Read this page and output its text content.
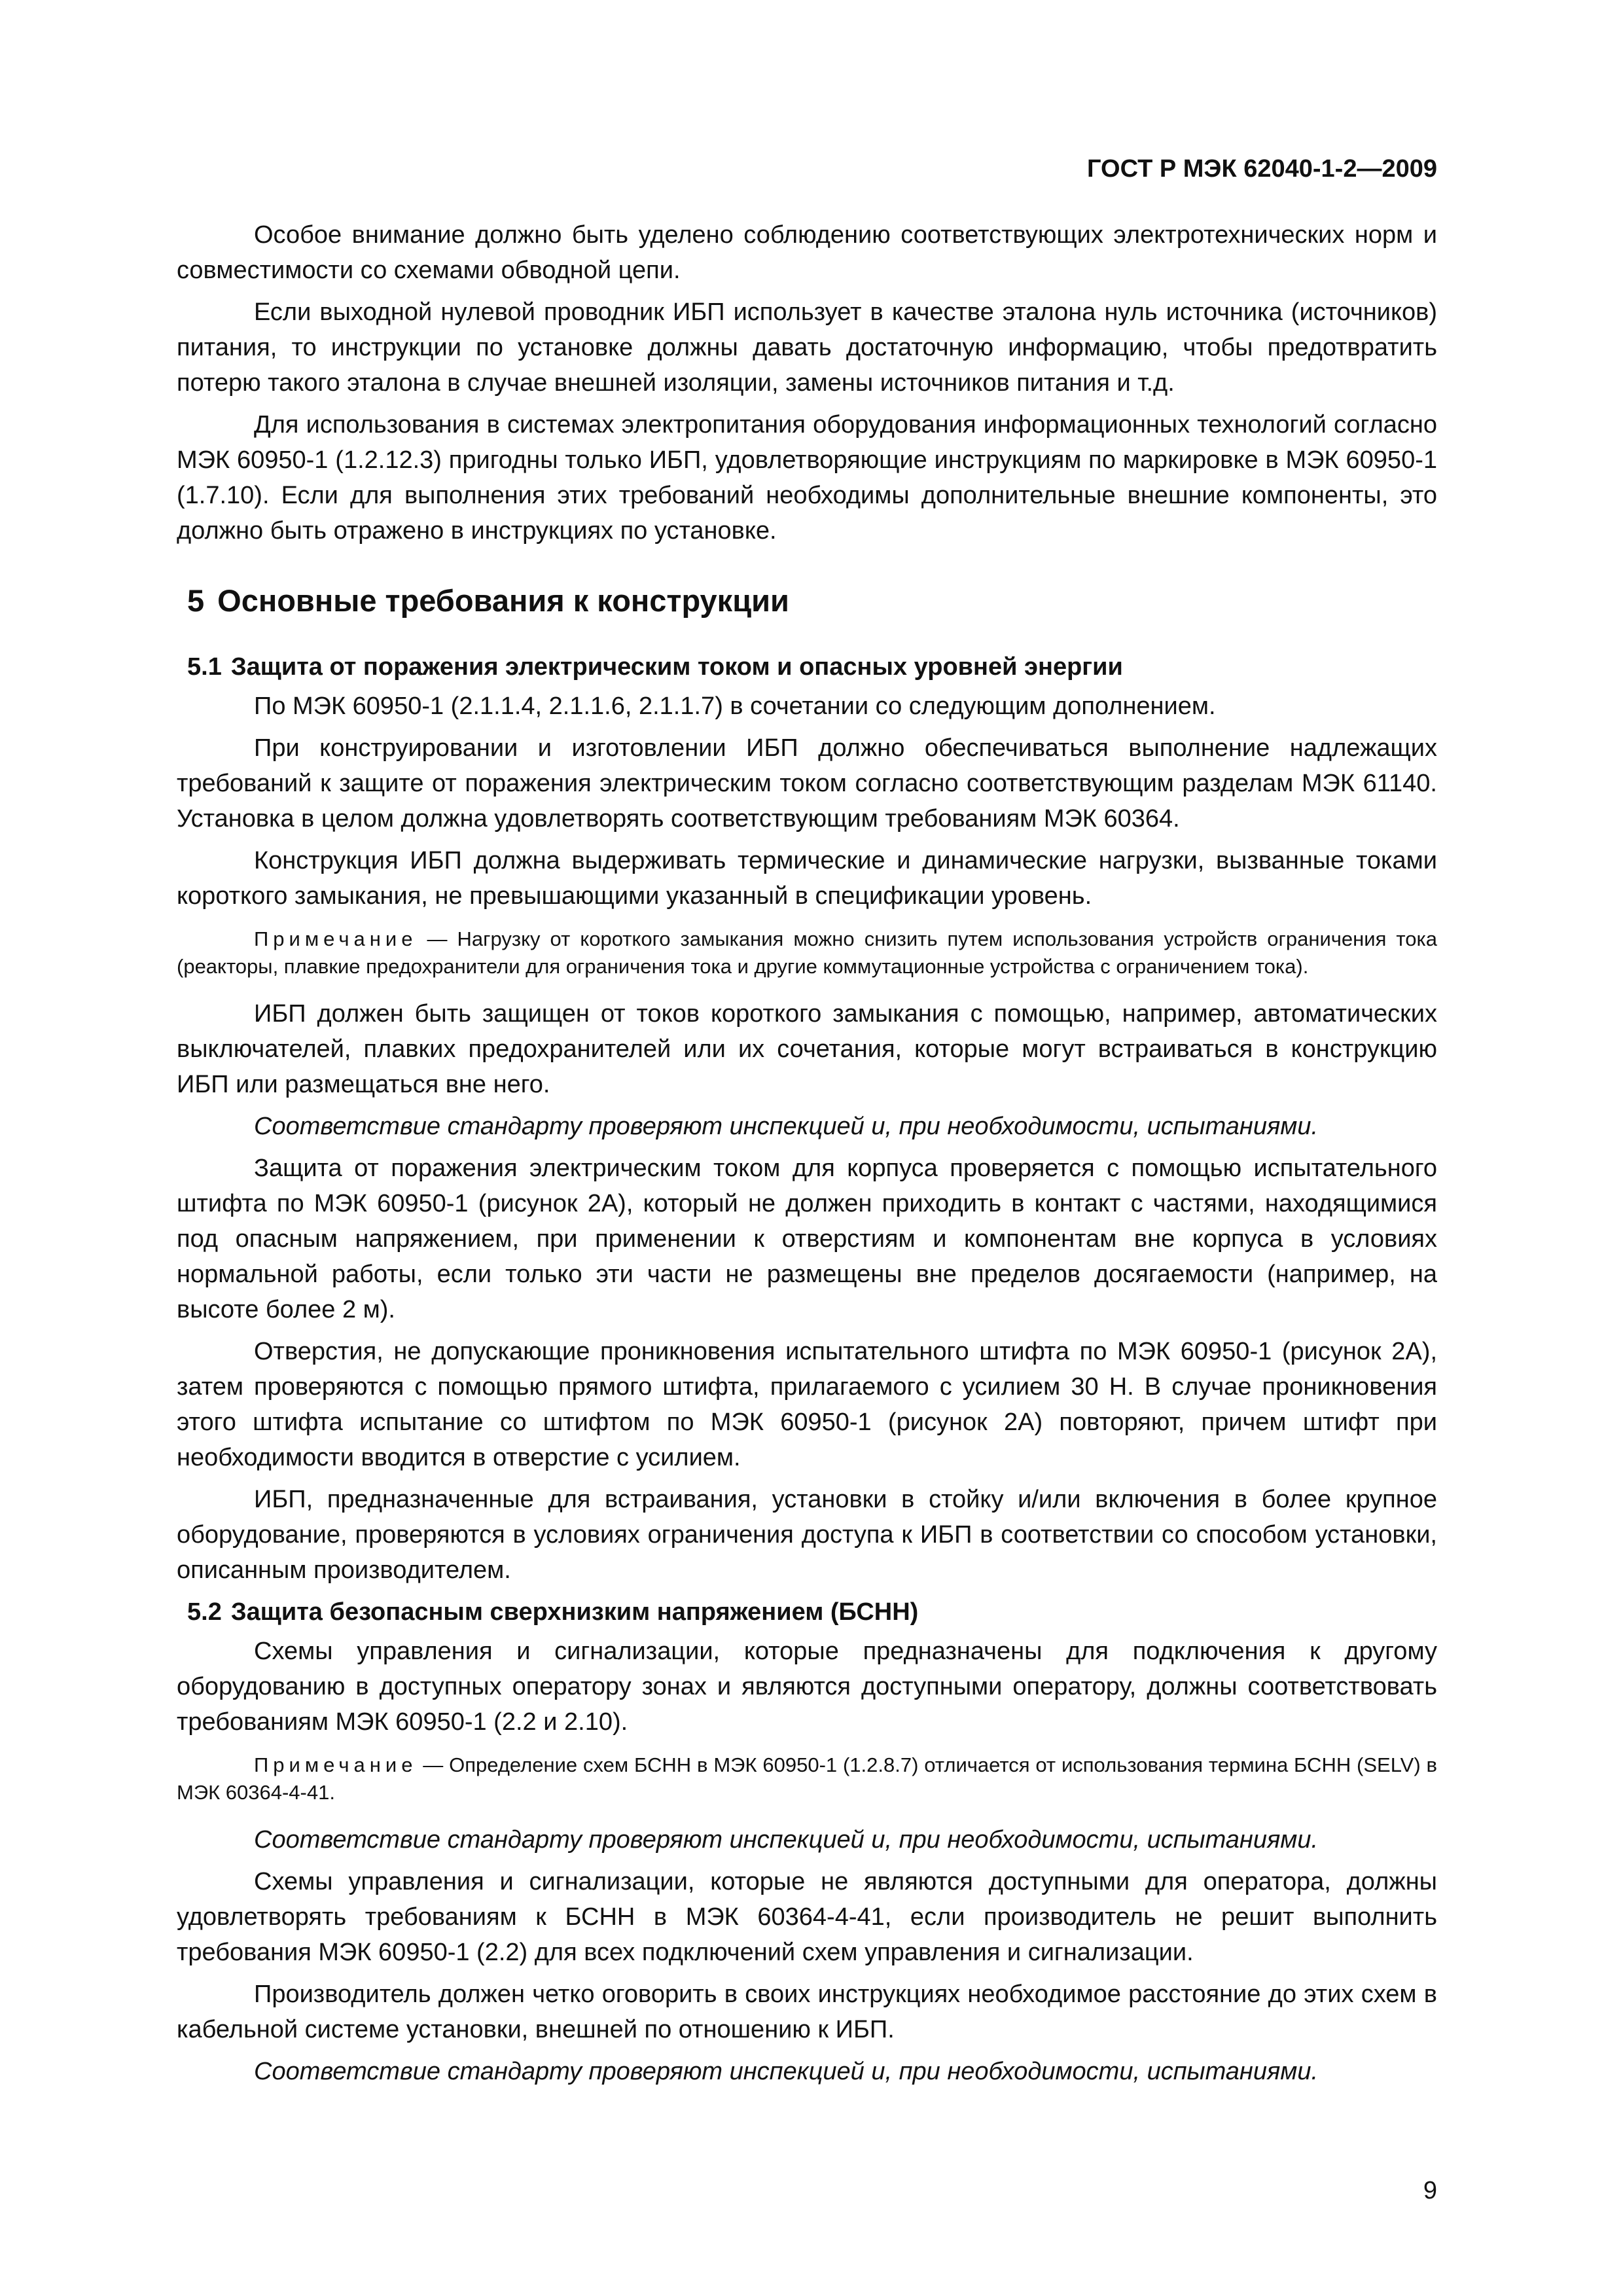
ГОСТ Р МЭК 62040-1-2—2009

Особое внимание должно быть уделено соблюдению соответствующих электротехнических норм и совместимости со схемами обводной цепи.

Если выходной нулевой проводник ИБП использует в качестве эталона нуль источника (источников) питания, то инструкции по установке должны давать достаточную информацию, чтобы предотвратить потерю такого эталона в случае внешней изоляции, замены источников питания и т.д.

Для использования в системах электропитания оборудования информационных технологий согласно МЭК 60950-1 (1.2.12.3) пригодны только ИБП, удовлетворяющие инструкциям по маркировке в МЭК 60950-1 (1.7.10). Если для выполнения этих требований необходимы дополнительные внешние компоненты, это должно быть отражено в инструкциях по установке.

5 Основные требования к конструкции
5.1 Защита от поражения электрическим током и опасных уровней энергии

По МЭК 60950-1 (2.1.1.4, 2.1.1.6, 2.1.1.7) в сочетании со следующим дополнением.

При конструировании и изготовлении ИБП должно обеспечиваться выполнение надлежащих требований к защите от поражения электрическим током согласно соответствующим разделам МЭК 61140. Установка в целом должна удовлетворять соответствующим требованиям МЭК 60364.

Конструкция ИБП должна выдерживать термические и динамические нагрузки, вызванные токами короткого замыкания, не превышающими указанный в спецификации уровень.

Примечание — Нагрузку от короткого замыкания можно снизить путем использования устройств ограничения тока (реакторы, плавкие предохранители для ограничения тока и другие коммутационные устройства с ограничением тока).

ИБП должен быть защищен от токов короткого замыкания с помощью, например, автоматических выключателей, плавких предохранителей или их сочетания, которые могут встраиваться в конструкцию ИБП или размещаться вне него.

Соответствие стандарту проверяют инспекцией и, при необходимости, испытаниями.

Защита от поражения электрическим током для корпуса проверяется с помощью испытательного штифта по МЭК 60950-1 (рисунок 2А), который не должен приходить в контакт с частями, находящимися под опасным напряжением, при применении к отверстиям и компонентам вне корпуса в условиях нормальной работы, если только эти части не размещены вне пределов досягаемости (например, на высоте более 2 м).

Отверстия, не допускающие проникновения испытательного штифта по МЭК 60950-1 (рисунок 2А), затем проверяются с помощью прямого штифта, прилагаемого с усилием 30 Н. В случае проникновения этого штифта испытание со штифтом по МЭК 60950-1 (рисунок 2А) повторяют, причем штифт при необходимости вводится в отверстие с усилием.

ИБП, предназначенные для встраивания, установки в стойку и/или включения в более крупное оборудование, проверяются в условиях ограничения доступа к ИБП в соответствии со способом установки, описанным производителем.

5.2 Защита безопасным сверхнизким напряжением (БСНН)

Схемы управления и сигнализации, которые предназначены для подключения к другому оборудованию в доступных оператору зонах и являются доступными оператору, должны соответствовать требованиям МЭК 60950-1 (2.2 и 2.10).

Примечание — Определение схем БСНН в МЭК 60950-1 (1.2.8.7) отличается от использования термина БСНН (SELV) в МЭК 60364-4-41.

Соответствие стандарту проверяют инспекцией и, при необходимости, испытаниями.

Схемы управления и сигнализации, которые не являются доступными для оператора, должны удовлетворять требованиям к БСНН в МЭК 60364-4-41, если производитель не решит выполнить требования МЭК 60950-1 (2.2) для всех подключений схем управления и сигнализации.

Производитель должен четко оговорить в своих инструкциях необходимое расстояние до этих схем в кабельной системе установки, внешней по отношению к ИБП.

Соответствие стандарту проверяют инспекцией и, при необходимости, испытаниями.

9
